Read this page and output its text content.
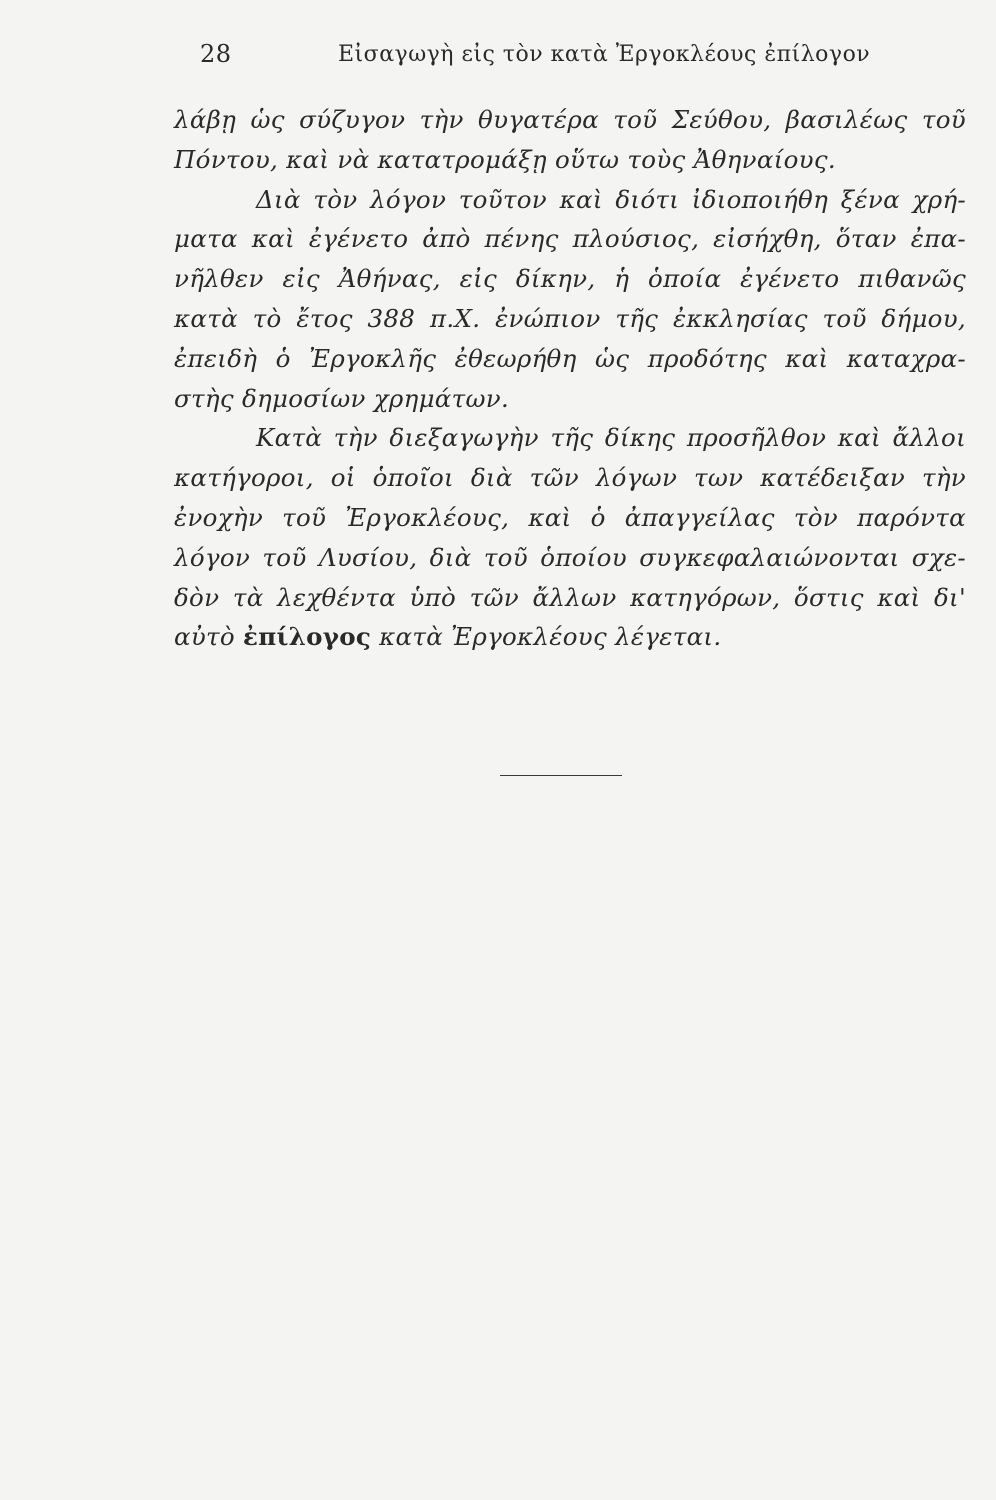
28	Εἰσαγωγὴ εἰς τὸν κατὰ Ἐργοκλέους ἐπίλογον
λάβῃ ὡς σύζυγον τὴν θυγατέρα τοῦ Σεύθου, βασιλέως τοῦ
Πόντου, καὶ νὰ κατατρομάξῃ οὕτω τοὺς Ἀθηναίους.
Διὰ τὸν λόγον τοῦτον καὶ διότι ἰδιοποιήθη ξένα χρή-
ματα καὶ ἐγένετο ἀπὸ πένης πλούσιος, εἰσήχθη, ὅταν ἐπα-
νῆλθεν εἰς Ἀθήνας, εἰς δίκην, ἡ ὁποία ἐγένετο πιθανῶς
κατὰ τὸ ἔτος 388 π.Χ. ἐνώπιον τῆς ἐκκλησίας τοῦ δήμου,
ἐπειδὴ ὁ Ἐργοκλῆς ἐθεωρήθη ὡς προδότης καὶ καταχρα-
στὴς δημοσίων χρημάτων.
Κατὰ τὴν διεξαγωγὴν τῆς δίκης προσῆλθον καὶ ἄλλοι
κατήγοροι, οἱ ὁποῖοι διὰ τῶν λόγων των κατέδειξαν τὴν
ἐνοχὴν τοῦ Ἐργοκλέους, καὶ ὁ ἀπαγγείλας τὸν παρόντα
λόγον τοῦ Λυσίου, διὰ τοῦ ὁποίου συγκεφαλαιώνονται σχε-
δὸν τὰ λεχθέντα ὑπὸ τῶν ἄλλων κατηγόρων, ὅστις καὶ δι'
αὐτὸ ἐπίλογος κατὰ Ἐργοκλέους λέγεται.
